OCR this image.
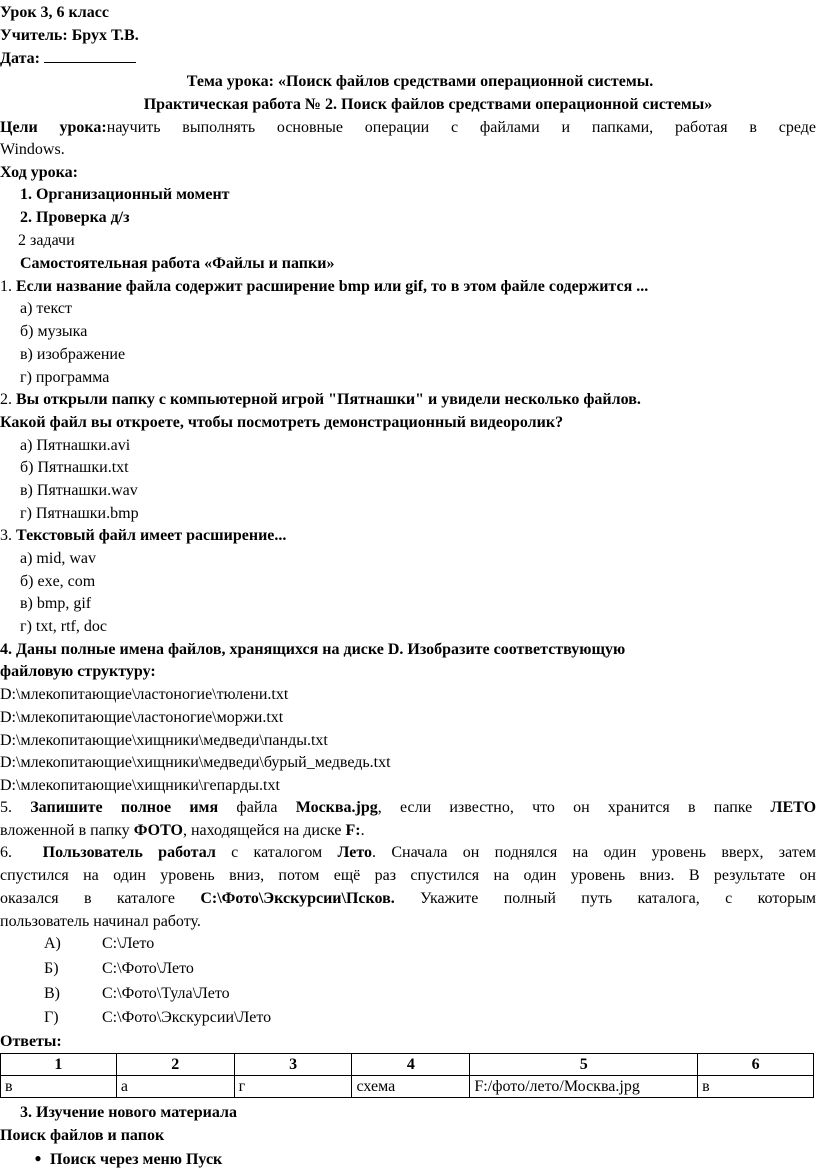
Урок 3, 6 класс
Учитель: Брух Т.В.
Дата:
Тема урока: «Поиск файлов средствами операционной системы.
Практическая работа № 2. Поиск файлов средствами операционной системы»
Цели урока:научить выполнять основные операции с файлами и папками, работая в среде
Windows.
Ход урока:
1. Организационный момент
2. Проверка д/з
2 задачи
Самостоятельная работа «Файлы и папки»
1. Если название файла содержит расширение bmp или gif, то в этом файле содержится ...
а) текст
б) музыка
в) изображение
г) программа
2. Вы открыли папку с компьютерной игрой "Пятнашки" и увидели несколько файлов.
Какой файл вы откроете, чтобы посмотреть демонстрационный видеоролик?
а) Пятнашки.avi
б) Пятнашки.txt
в) Пятнашки.wav
г) Пятнашки.bmp
3. Текстовый файл имеет расширение...
а) mid, wav
б) exe, com
в) bmp, gif
г) txt, rtf, doc
4. Даны полные имена файлов, хранящихся на диске D. Изобразите соответствующую
файловую структуру:
D:\млекопитающие\ластоногие\тюлени.txt
D:\млекопитающие\ластоногие\моржи.txt
D:\млекопитающие\хищники\медведи\панды.txt
D:\млекопитающие\хищники\медведи\бурый_медведь.txt
D:\млекопитающие\хищники\гепарды.txt
5. Запишите полное имя файла Москва.jpg, если известно, что он хранится в папке ЛЕТО
вложенной в папку ФОТО, находящейся на диске F:.
6. Пользователь работал с каталогом Лето. Сначала он поднялся на один уровень вверх, затем
спустился на один уровень вниз, потом ещё раз спустился на один уровень вниз. В результате он
оказался в каталоге C:\Фото\Экскурсии\Псков. Укажите полный путь каталога, с которым
пользователь начинал работу.
А)	С:\Лето
Б)	С:\Фото\Лето
В)	С:\Фото\Тула\Лето
Г)	С:\Фото\Экскурсии\Лето
Ответы:
1	2	3	4	5	6
в	а	г	схема	F:/фото/лето/Москва.jpg	в
3. Изучение нового материала
Поиск файлов и папок
● Поиск через меню Пуск
